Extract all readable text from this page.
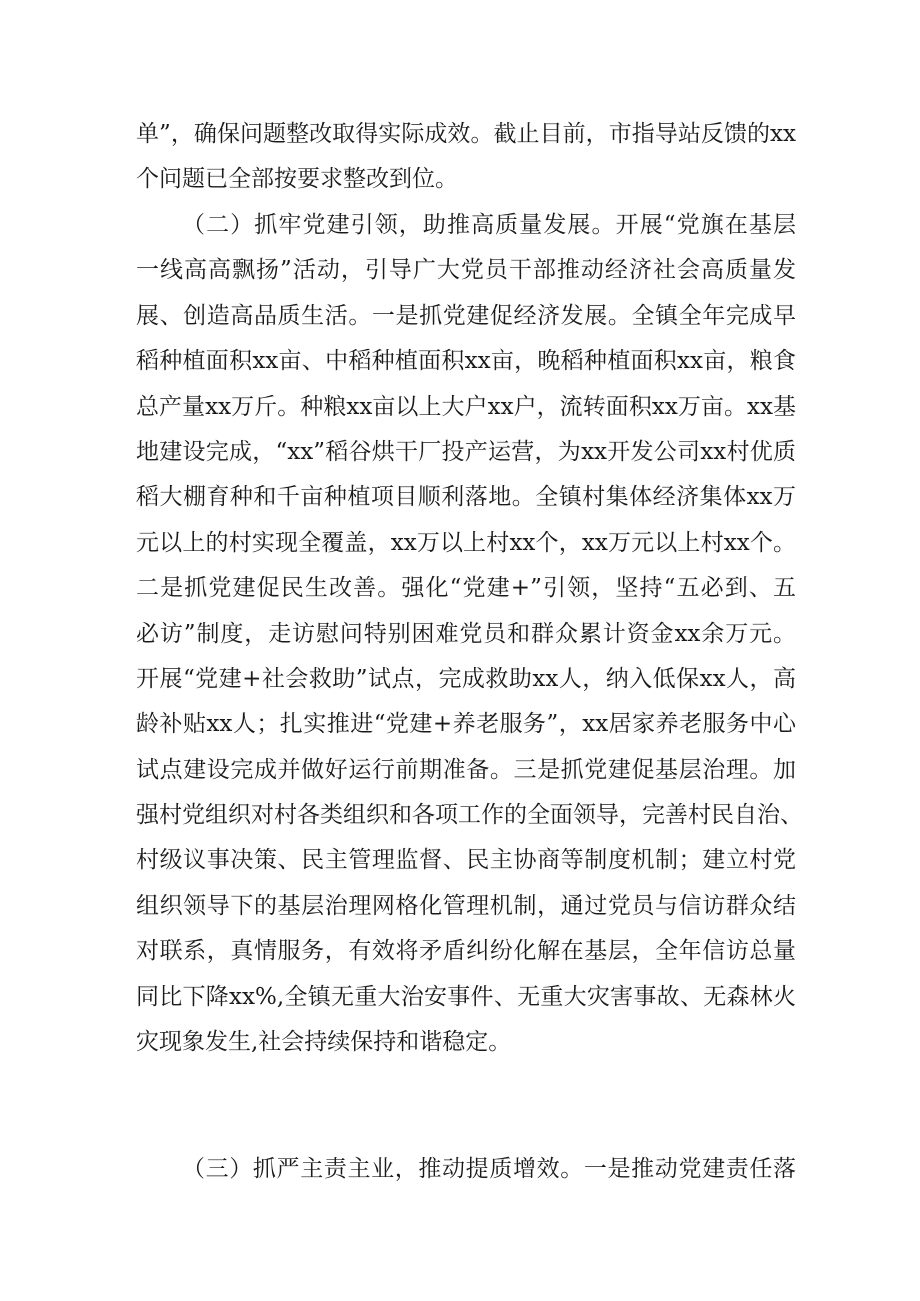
单”，确保问题整改取得实际成效。截止目前，市指导站反馈的xx
个问题已全部按要求整改到位。
（二）抓牢党建引领，助推高质量发展。开展“党旗在基层
一线高高飘扬”活动，引导广大党员干部推动经济社会高质量发
展、创造高品质生活。一是抓党建促经济发展。全镇全年完成早
稻种植面积xx亩、中稻种植面积xx亩，晚稻种植面积xx亩，粮食
总产量xx万斤。种粮xx亩以上大户xx户，流转面积xx万亩。xx基
地建设完成，“xx”稻谷烘干厂投产运营，为xx开发公司xx村优质
稻大棚育种和千亩种植项目顺利落地。全镇村集体经济集体xx万
元以上的村实现全覆盖，xx万以上村xx个，xx万元以上村xx个。
二是抓党建促民生改善。强化“党建+”引领，坚持“五必到、五
必访”制度，走访慰问特别困难党员和群众累计资金xx余万元。
开展“党建+社会救助”试点，完成救助xx人，纳入低保xx人，高
龄补贴xx人；扎实推进“党建+养老服务”，xx居家养老服务中心
试点建设完成并做好运行前期准备。三是抓党建促基层治理。加
强村党组织对村各类组织和各项工作的全面领导，完善村民自治、
村级议事决策、民主管理监督、民主协商等制度机制；建立村党
组织领导下的基层治理网格化管理机制，通过党员与信访群众结
对联系，真情服务，有效将矛盾纠纷化解在基层，全年信访总量
同比下降xx%,全镇无重大治安事件、无重大灾害事故、无森林火
灾现象发生,社会持续保持和谐稳定。
（三）抓严主责主业，推动提质增效。一是推动党建责任落
